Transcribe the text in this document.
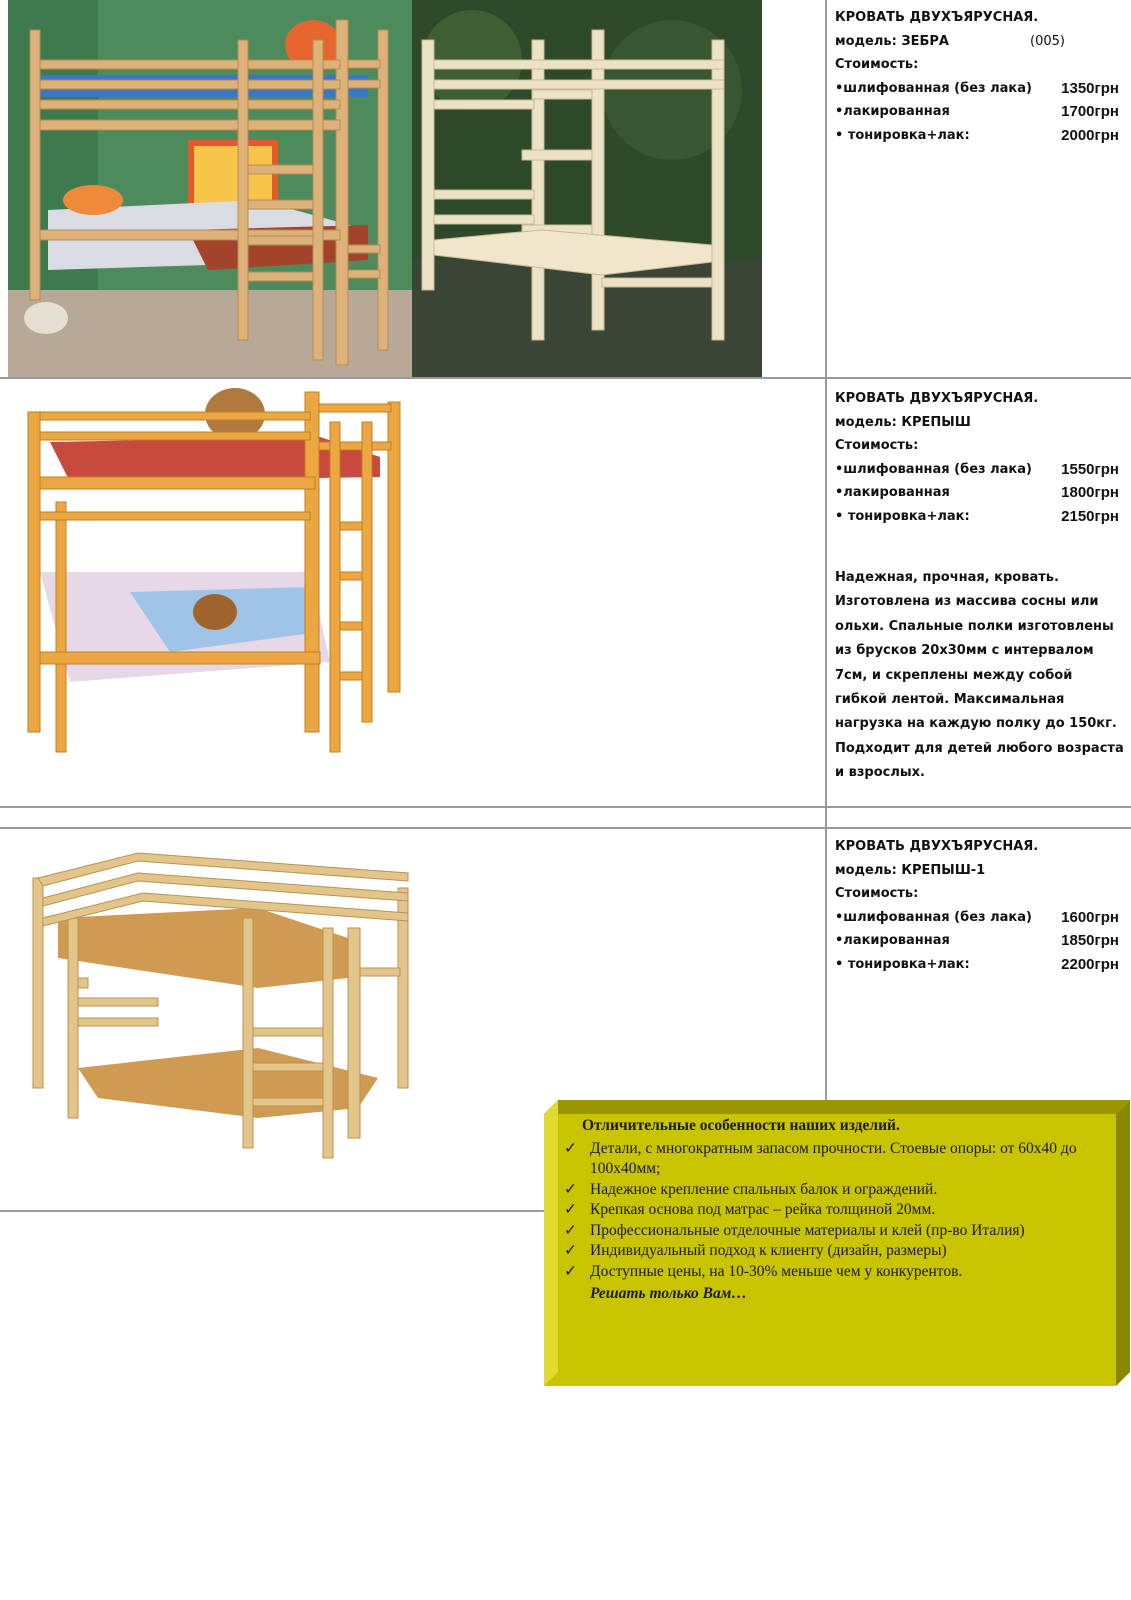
КРОВАТЬ ДВУХЪЯРУСНАЯ.
модель: ЗЕБРА	(005)
Стоимость:
•шлифованная (без лака) 1350грн
•лакированная	1700грн
• тонировка+лак:	2000грн
КРОВАТЬ ДВУХЪЯРУСНАЯ.
модель: КРЕПЫШ
Стоимость:
•шлифованная (без лака) 1550грн
•лакированная	1800грн
• тонировка+лак:	2150грн
Надежная, прочная, кровать. Изготовлена из массива сосны или ольхи. Спальные полки изготовлены из брусков 20х30мм с интервалом 7см, и скреплены между собой гибкой лентой. Максимальная нагрузка на каждую полку до 150кг. Подходит для детей любого возраста и взрослых.
КРОВАТЬ ДВУХЪЯРУСНАЯ.
модель: КРЕПЫШ-1
Стоимость:
•шлифованная (без лака) 1600грн
•лакированная	1850грн
• тонировка+лак:	2200грн
Отличительные особенности наших изделий.
✓ Детали, с многократным запасом прочности. Стоевые опоры: от 60х40 до 100х40мм;
✓ Надежное крепление спальных балок и ограждений.
✓ Крепкая основа под матрас – рейка толщиной 20мм.
✓ Профессиональные отделочные материалы и клей (пр-во Италия)
✓ Индивидуальный подход к клиенту (дизайн, размеры)
✓ Доступные цены, на 10-30% меньше чем у конкурентов.
Решать только Вам…
